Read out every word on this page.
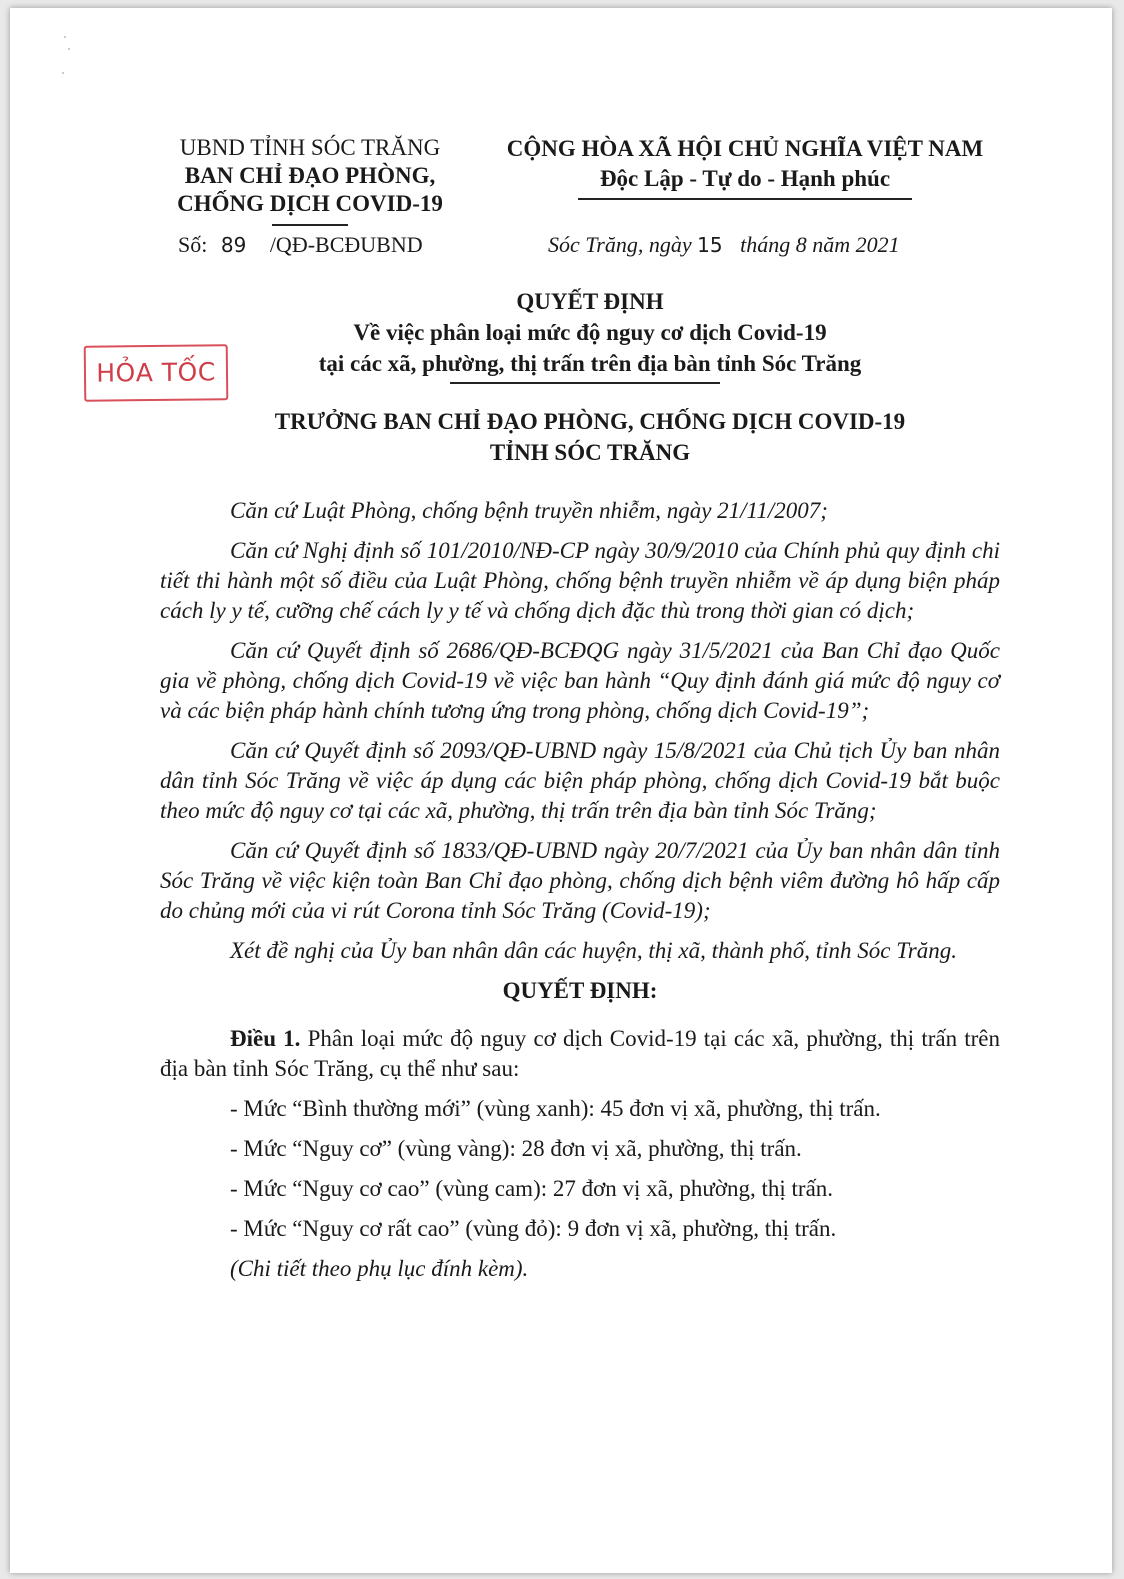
UBND TỈNH SÓC TRĂNG
BAN CHỈ ĐẠO PHÒNG,
CHỐNG DỊCH COVID-19
CỘNG HÒA XÃ HỘI CHỦ NGHĨA VIỆT NAM
Độc Lập - Tự do - Hạnh phúc
Số: 89 /QĐ-BCĐUBND	Sóc Trăng, ngày 15 tháng 8 năm 2021
QUYẾT ĐỊNH
Về việc phân loại mức độ nguy cơ dịch Covid-19
tại các xã, phường, thị trấn trên địa bàn tỉnh Sóc Trăng
HỎA TỐC
TRƯỞNG BAN CHỈ ĐẠO PHÒNG, CHỐNG DỊCH COVID-19
TỈNH SÓC TRĂNG

Căn cứ Luật Phòng, chống bệnh truyền nhiễm, ngày 21/11/2007;

Căn cứ Nghị định số 101/2010/NĐ-CP ngày 30/9/2010 của Chính phủ quy định chi tiết thi hành một số điều của Luật Phòng, chống bệnh truyền nhiễm về áp dụng biện pháp cách ly y tế, cưỡng chế cách ly y tế và chống dịch đặc thù trong thời gian có dịch;

Căn cứ Quyết định số 2686/QĐ-BCĐQG ngày 31/5/2021 của Ban Chỉ đạo Quốc gia về phòng, chống dịch Covid-19 về việc ban hành “Quy định đánh giá mức độ nguy cơ và các biện pháp hành chính tương ứng trong phòng, chống dịch Covid-19”;

Căn cứ Quyết định số 2093/QĐ-UBND ngày 15/8/2021 của Chủ tịch Ủy ban nhân dân tỉnh Sóc Trăng về việc áp dụng các biện pháp phòng, chống dịch Covid-19 bắt buộc theo mức độ nguy cơ tại các xã, phường, thị trấn trên địa bàn tỉnh Sóc Trăng;

Căn cứ Quyết định số 1833/QĐ-UBND ngày 20/7/2021 của Ủy ban nhân dân tỉnh Sóc Trăng về việc kiện toàn Ban Chỉ đạo phòng, chống dịch bệnh viêm đường hô hấp cấp do chủng mới của vi rút Corona tỉnh Sóc Trăng (Covid-19);

Xét đề nghị của Ủy ban nhân dân các huyện, thị xã, thành phố, tỉnh Sóc Trăng.

QUYẾT ĐỊNH:

Điều 1. Phân loại mức độ nguy cơ dịch Covid-19 tại các xã, phường, thị trấn trên địa bàn tỉnh Sóc Trăng, cụ thể như sau:

- Mức “Bình thường mới” (vùng xanh): 45 đơn vị xã, phường, thị trấn.
- Mức “Nguy cơ” (vùng vàng): 28 đơn vị xã, phường, thị trấn.
- Mức “Nguy cơ cao” (vùng cam): 27 đơn vị xã, phường, thị trấn.
- Mức “Nguy cơ rất cao” (vùng đỏ): 9 đơn vị xã, phường, thị trấn.
(Chi tiết theo phụ lục đính kèm).
